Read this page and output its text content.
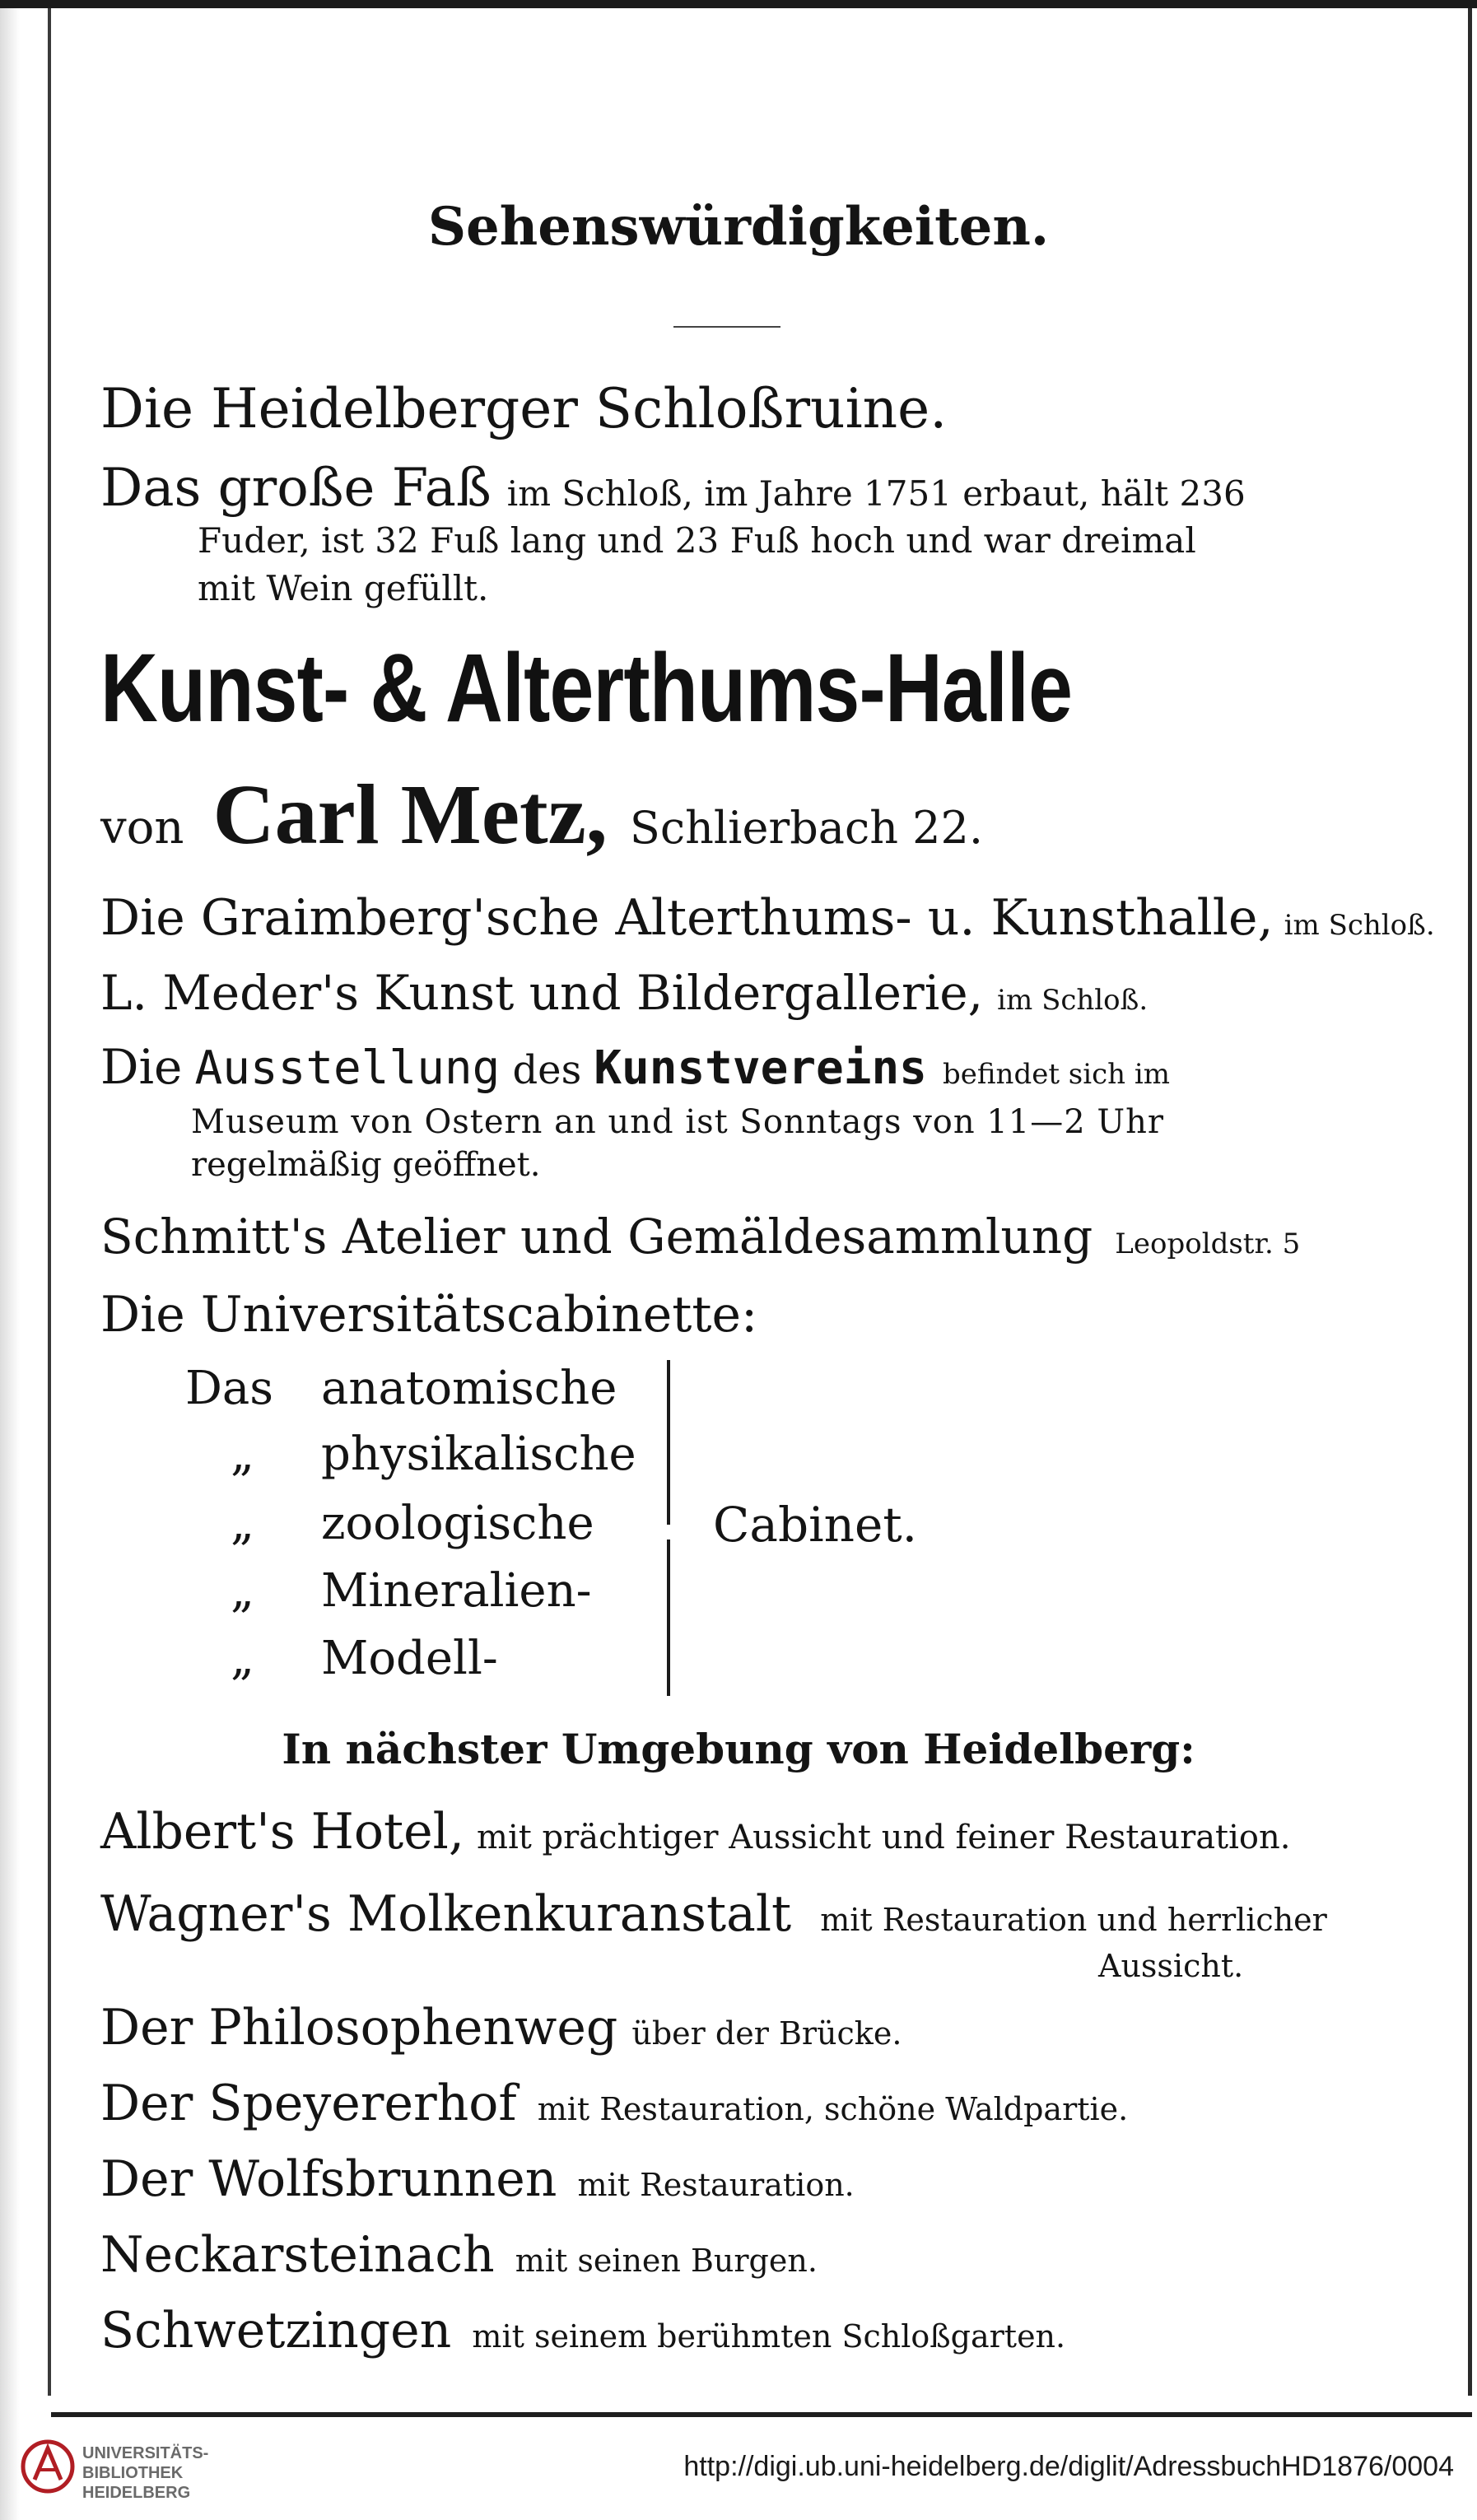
Sehenswürdigkeiten.

Die Heidelberger Schloßruine.

Das große Faß im Schloß, im Jahre 1751 erbaut, hält 236

Fuder, ist 32 Fuß lang und 23 Fuß hoch und war dreimal

mit Wein gefüllt.

Kunst- & Alterthums-Halle

von Carl Metz, Schlierbach 22.

Die Graimberg'sche Alterthums- u. Kunsthalle, im Schloß.

L. Meder's Kunst und Bildergallerie, im Schloß.

Die Ausstellung des Kunstvereins befindet sich im

Museum von Ostern an und ist Sonntags von 11—2 Uhr

regelmäßig geöffnet.

Schmitt's Atelier und Gemäldesammlung Leopoldstr. 5

Die Universitätscabinette:

Das anatomische

„ physikalische

„ zoologische

„ Mineralien-

„ Modell-

Cabinet.

In nächster Umgebung von Heidelberg:

Albert's Hotel, mit prächtiger Aussicht und feiner Restauration.

Wagner's Molkenkuranstalt mit Restauration und herrlicher

Aussicht.

Der Philosophenweg über der Brücke.

Der Speyererhof mit Restauration, schöne Waldpartie.

Der Wolfsbrunnen mit Restauration.

Neckarsteinach mit seinen Burgen.

Schwetzingen mit seinem berühmten Schloßgarten.

UNIVERSITÄTS-
BIBLIOTHEK
HEIDELBERG
http://digi.ub.uni-heidelberg.de/diglit/AdressbuchHD1876/0004
